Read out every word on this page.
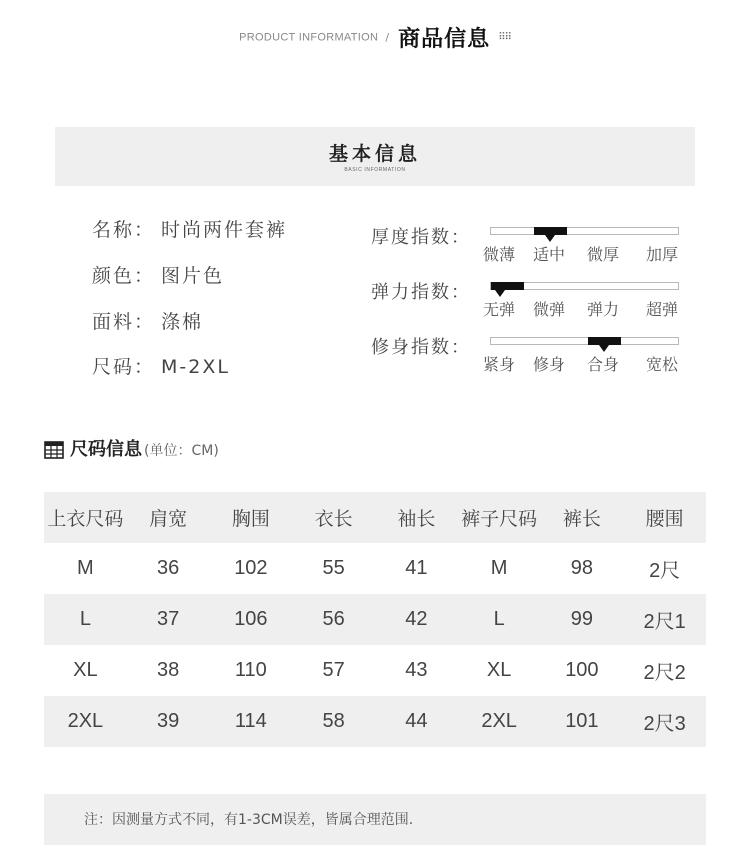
PRODUCT INFORMATION / 商品信息 ⠿⠿
基本信息
BASIC INFORMATION
名称： 时尚两件套裤
颜色： 图片色
面料： 涤棉
尺码： M-2XL
厚度指数：
微薄 适中 微厚 加厚
弹力指数：
无弹 微弹 弹力 超弹
修身指数：
紧身 修身 合身 宽松
尺码信息 (单位：CM)
上衣尺码	肩宽	胸围	衣长	袖长	裤子尺码	裤长	腰围
M	36	102	55	41	M	98	2尺
L	37	106	56	42	L	99	2尺1
XL	38	110	57	43	XL	100	2尺2
2XL	39	114	58	44	2XL	101	2尺3
注：因测量方式不同，有1-3CM误差，皆属合理范围.
